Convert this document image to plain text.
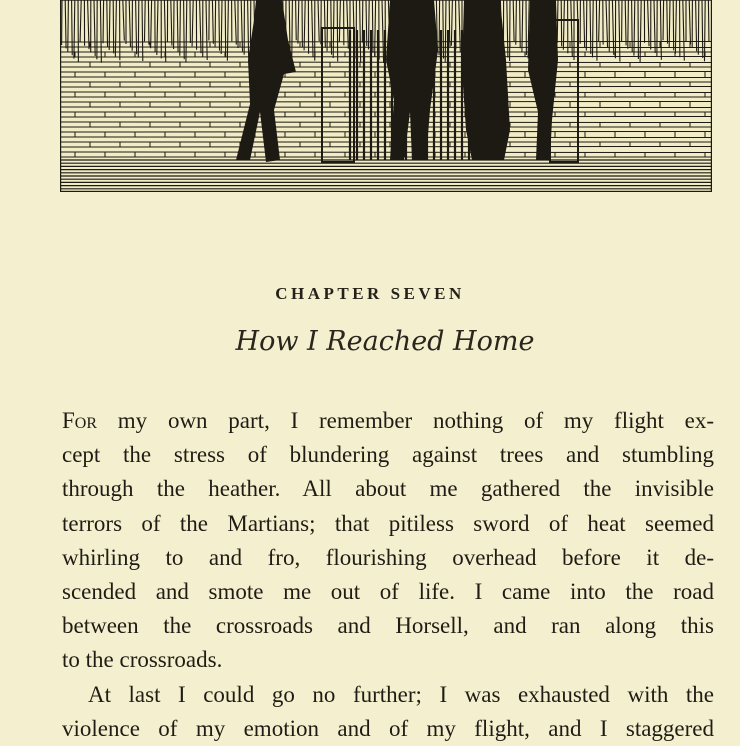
CHAPTER SEVEN
How I Reached Home
For my own part, I remember nothing of my flight ex-
cept the stress of blundering against trees and stumbling
through the heather. All about me gathered the invisible
terrors of the Martians; that pitiless sword of heat seemed
whirling to and fro, flourishing overhead before it de-
scended and smote me out of life. I came into the road
between the crossroads and Horsell, and ran along this
to the crossroads.
At last I could go no further; I was exhausted with the
violence of my emotion and of my flight, and I staggered
